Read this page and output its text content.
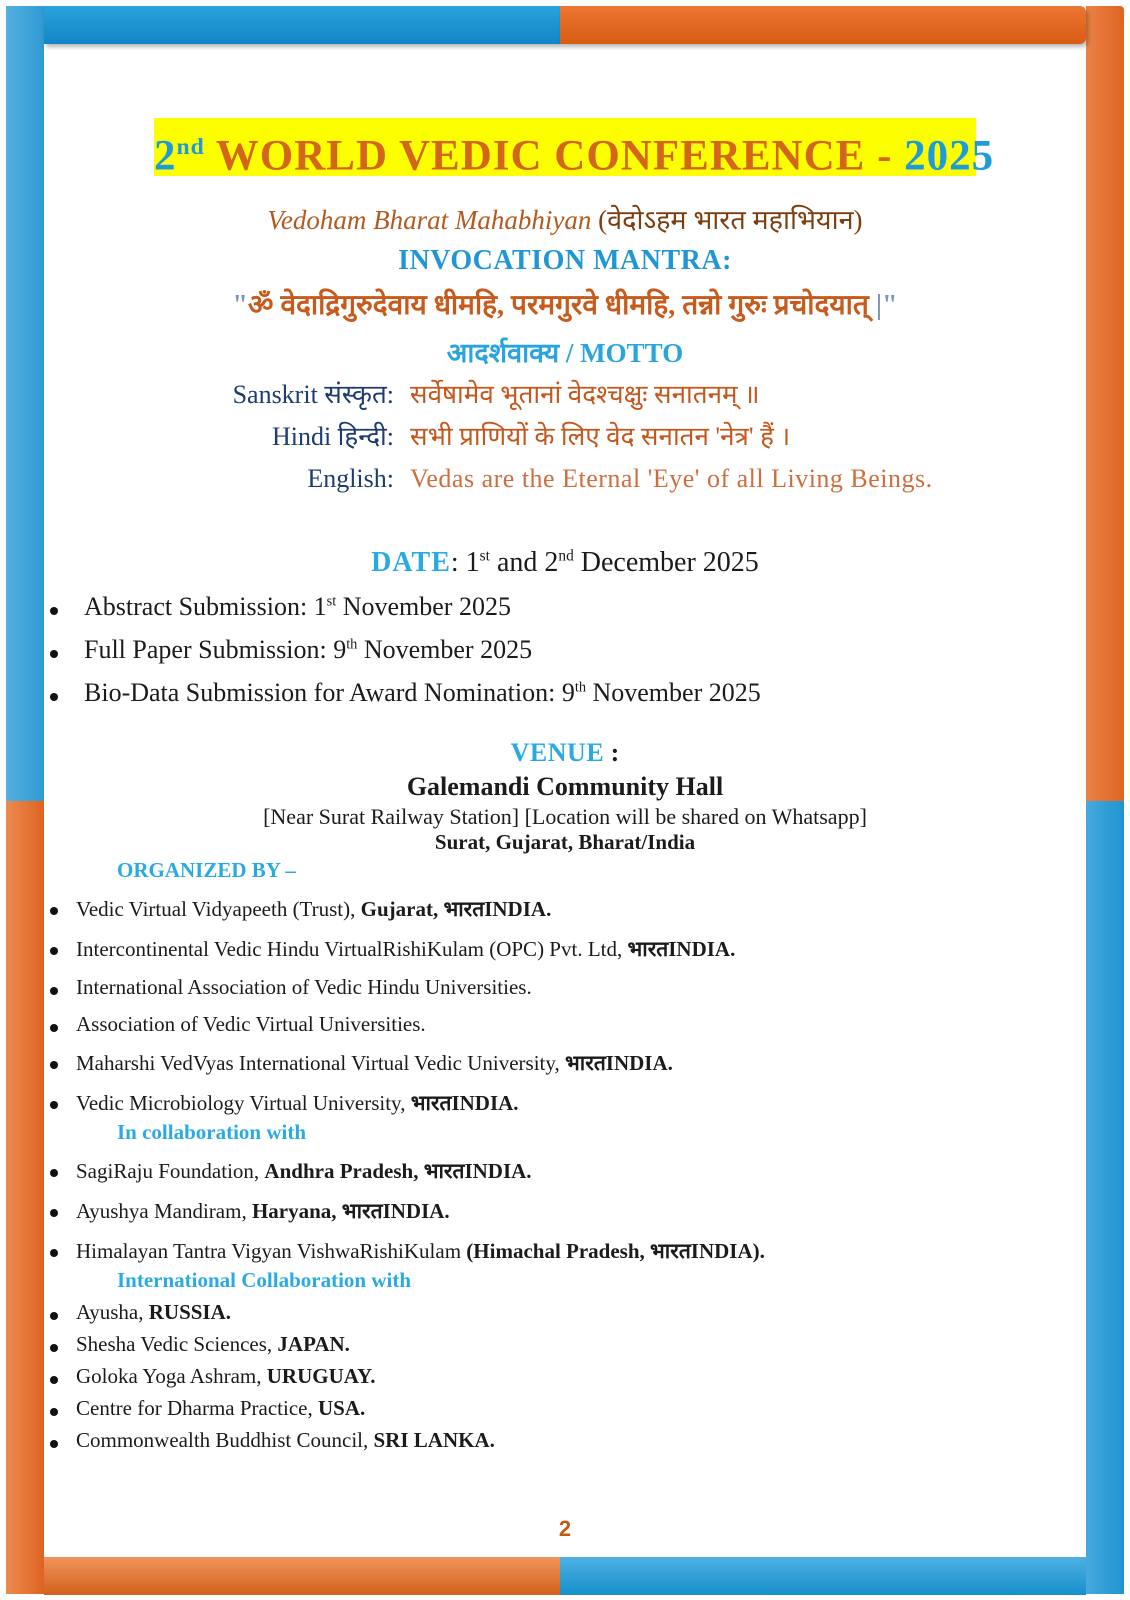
2nd WORLD VEDIC CONFERENCE - 2025
Vedoham Bharat Mahabhiyan (वेदोऽहम भारत महाभियान)
INVOCATION MANTRA:
"ॐ वेदाद्रिगुरुदेवाय धीमहि, परमगुरवे धीमहि, तन्नो गुरुः प्रचोदयात् |"
आदर्शवाक्य / MOTTO
Sanskrit संस्कृत: सर्वेषामेव भूतानां वेदश्चक्षुः सनातनम् ॥
Hindi हिन्दी: सभी प्राणियों के लिए वेद सनातन 'नेत्र' हैं ।
English: Vedas are the Eternal 'Eye' of all Living Beings.
DATE: 1st and 2nd December 2025
Abstract Submission: 1st November 2025
Full Paper Submission: 9th November 2025
Bio-Data Submission for Award Nomination: 9th November 2025
VENUE :
Galemandi Community Hall
[Near Surat Railway Station] [Location will be shared on Whatsapp]
Surat, Gujarat, Bharat/India
ORGANIZED BY –
Vedic Virtual Vidyapeeth (Trust), Gujarat, भारतINDIA.
Intercontinental Vedic Hindu VirtualRishiKulam (OPC) Pvt. Ltd, भारतINDIA.
International Association of Vedic Hindu Universities.
Association of Vedic Virtual Universities.
Maharshi VedVyas International Virtual Vedic University, भारतINDIA.
Vedic Microbiology Virtual University, भारतINDIA.
In collaboration with
SagiRaju Foundation, Andhra Pradesh, भारतINDIA.
Ayushya Mandiram, Haryana, भारतINDIA.
Himalayan Tantra Vigyan VishwaRishiKulam (Himachal Pradesh, भारतINDIA).
International Collaboration with
Ayusha, RUSSIA.
Shesha Vedic Sciences, JAPAN.
Goloka Yoga Ashram, URUGUAY.
Centre for Dharma Practice, USA.
Commonwealth Buddhist Council, SRI LANKA.
2
